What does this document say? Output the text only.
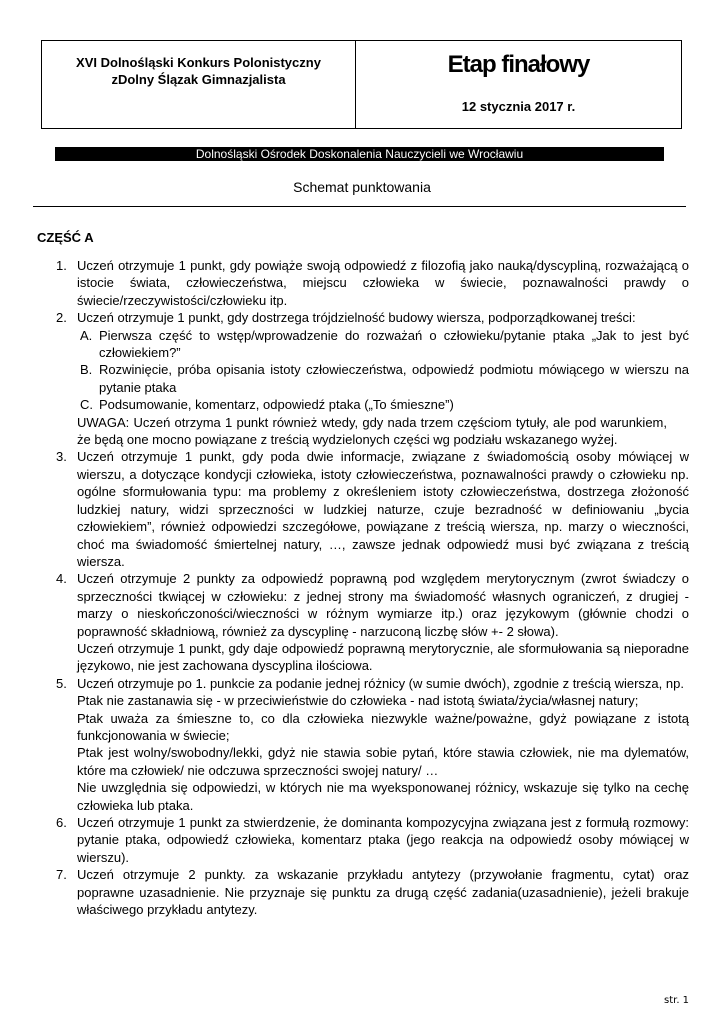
XVI Dolnośląski Konkurs Polonistyczny
zDolny Ślązak Gimnazjalista
Etap finałowy
12 stycznia 2017 r.
Dolnośląski Ośrodek Doskonalenia Nauczycieli we Wrocławiu
Schemat punktowania
CZĘŚĆ A
1. Uczeń otrzymuje 1 punkt, gdy powiąże swoją odpowiedź z filozofią jako nauką/dyscypliną, rozważającą o istocie świata, człowieczeństwa, miejscu człowieka w świecie, poznawalności prawdy o świecie/rzeczywistości/człowieku itp.

2. Uczeń otrzymuje 1 punkt, gdy dostrzega trójdzielność budowy wiersza, podporządkowanej treści:

A. Pierwsza część to wstęp/wprowadzenie do rozważań o człowieku/pytanie ptaka „Jak to jest być człowiekiem?”

B. Rozwinięcie, próba opisania istoty człowieczeństwa, odpowiedź podmiotu mówiącego w wierszu na pytanie ptaka

C. Podsumowanie, komentarz, odpowiedź ptaka („To śmieszne”)

UWAGA: Uczeń otrzyma 1 punkt również wtedy, gdy nada trzem częściom tytuły, ale pod warunkiem, że będą one mocno powiązane z treścią wydzielonych części wg podziału wskazanego wyżej.

3. Uczeń otrzymuje 1 punkt, gdy poda dwie informacje, związane z świadomością osoby mówiącej w wierszu, a dotyczące kondycji człowieka, istoty człowieczeństwa, poznawalności prawdy o człowieku np. ogólne sformułowania typu: ma problemy z określeniem istoty człowieczeństwa, dostrzega złożoność ludzkiej natury, widzi sprzeczności w ludzkiej naturze, czuje bezradność w definiowaniu „bycia człowiekiem”, również odpowiedzi szczegółowe, powiązane z treścią wiersza, np. marzy o wieczności, choć ma świadomość śmiertelnej natury, …, zawsze jednak odpowiedź musi być związana z treścią wiersza.

4. Uczeń otrzymuje 2 punkty za odpowiedź poprawną pod względem merytorycznym (zwrot świadczy o sprzeczności tkwiącej w człowieku: z jednej strony ma świadomość własnych ograniczeń, z drugiej - marzy o nieskończoności/wieczności w różnym wymiarze itp.) oraz językowym (głównie chodzi o poprawność składniową, również za dyscyplinę - narzuconą liczbę słów +- 2 słowa).

Uczeń otrzymuje 1 punkt, gdy daje odpowiedź poprawną merytorycznie, ale sformułowania są nieporadne językowo, nie jest zachowana dyscyplina ilościowa.

5. Uczeń otrzymuje po 1. punkcie za podanie jednej różnicy (w sumie dwóch), zgodnie z treścią wiersza, np.

Ptak nie zastanawia się - w przeciwieństwie do człowieka - nad istotą świata/życia/własnej natury;

Ptak uważa za śmieszne to, co dla człowieka niezwykle ważne/poważne, gdyż powiązane z istotą funkcjonowania w świecie;

Ptak jest wolny/swobodny/lekki, gdyż nie stawia sobie pytań, które stawia człowiek, nie ma dylematów, które ma człowiek/ nie odczuwa sprzeczności swojej natury/ …

Nie uwzględnia się odpowiedzi, w których nie ma wyeksponowanej różnicy, wskazuje się tylko na cechę człowieka lub ptaka.

6. Uczeń otrzymuje 1 punkt za stwierdzenie, że dominanta kompozycyjna związana jest z formułą rozmowy: pytanie ptaka, odpowiedź człowieka, komentarz ptaka (jego reakcja na odpowiedź osoby mówiącej w wierszu).

7. Uczeń otrzymuje 2 punkty. za wskazanie przykładu antytezy (przywołanie fragmentu, cytat) oraz poprawne uzasadnienie. Nie przyznaje się punktu za drugą część zadania(uzasadnienie), jeżeli brakuje właściwego przykładu antytezy.

str. 1
